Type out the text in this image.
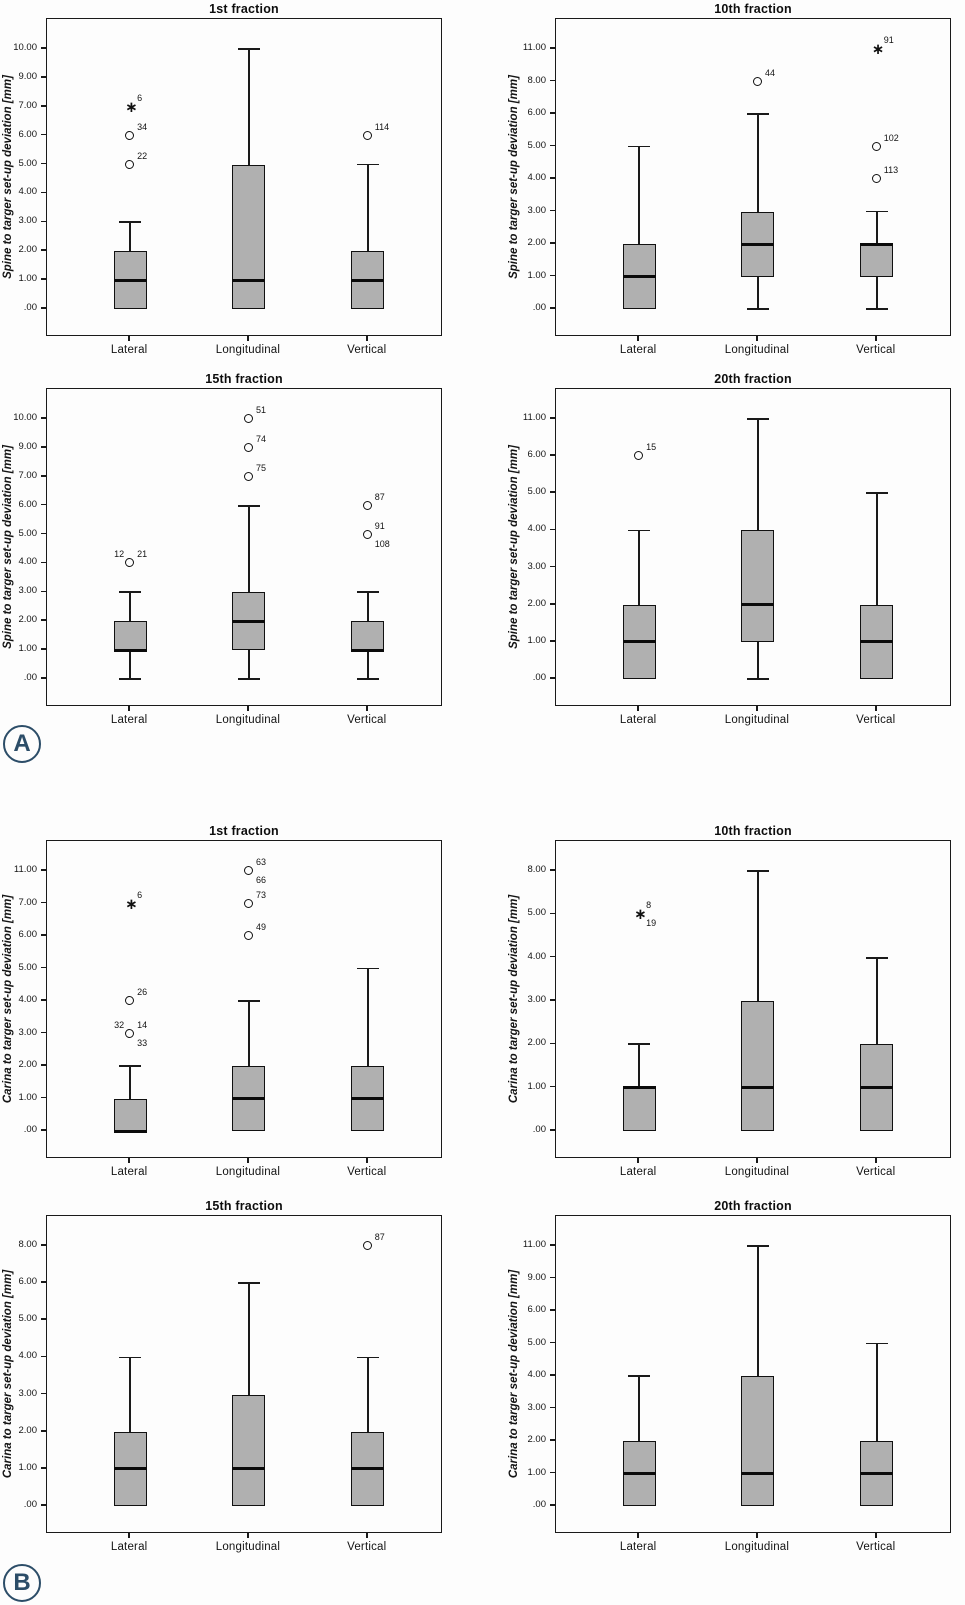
1st fraction
Spine to targer set-up deviation [mm]	22
34
∗ 6
114
.00
1.00
2.00
3.00
4.00
5.00
6.00
7.00
9.00
10.00
Lateral	Longitudinal	Vertical
10th fraction
Spine to targer set-up deviation [mm]
44
113
102
∗ 91
.00
1.00
2.00
3.00
4.00
5.00
6.00
8.00
11.00
Lateral	Longitudinal	Vertical
15th fraction
Spine to targer set-up deviation [mm]	12 21
75
74
51
91
108
87
.00
1.00
2.00
3.00
4.00
5.00
6.00
7.00
9.00
10.00
Lateral	Longitudinal	Vertical
20th fraction
Spine to targer set-up deviation [mm]	15
.00
1.00
2.00
3.00
4.00
5.00
6.00
11.00
Lateral	Longitudinal	Vertical
1st fraction
Carina to targer set-up deviation [mm]	32 14
33
26
∗ 6
49
73
63
66
.00
1.00
2.00
3.00
4.00
5.00
6.00
7.00
11.00
Lateral	Longitudinal	Vertical
10th fraction
Carina to targer set-up deviation [mm]	∗ 8
19
.00
1.00
2.00
3.00
4.00
5.00
8.00
Lateral	Longitudinal	Vertical
15th fraction
Carina to targer set-up deviation [mm]
87
.00
1.00
2.00
3.00
4.00
5.00
6.00
8.00
Lateral	Longitudinal	Vertical
20th fraction
Carina to targer set-up deviation [mm]
.00
1.00
2.00
3.00
4.00
5.00
6.00
9.00
11.00
Lateral	Longitudinal	Vertical
A
B
